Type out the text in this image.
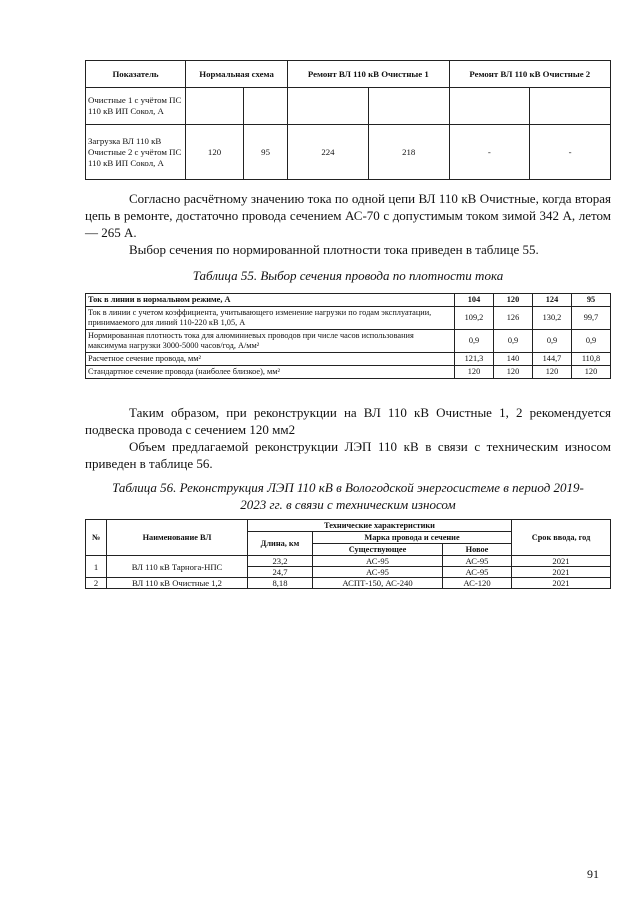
Показатель	Нормальная схема		Ремонт ВЛ 110 кВ Очистные 1		Ремонт ВЛ 110 кВ Очистные 2	
Очистные 1 с учётом ПС 110 кВ ИП Сокол, А						
Загрузка ВЛ 110 кВ Очистные 2 с учётом ПС 110 кВ ИП Сокол, А	120	95	224	218	-	-

Согласно расчётному значению тока по одной цепи ВЛ 110 кВ Очистные, когда вторая цепь в ремонте, достаточно провода сечением АС-70 с допустимым током зимой 342 А, летом — 265 А.

Выбор сечения по нормированной плотности тока приведен в таблице 55.

Таблица 55. Выбор сечения провода по плотности тока

Ток в линии в нормальном режиме, А	104	120	124	95
Ток в линии с учетом коэффициента, учитывающего изменение нагрузки по годам эксплуатации, принимаемого для линий 110-220 кВ 1,05, А	109,2	126	130,2	99,7
Нормированная плотность тока для алюминиевых проводов при числе часов использования максимума нагрузки 3000-5000 часов/год, А/мм²	0,9	0,9	0,9	0,9
Расчетное сечение провода, мм²	121,3	140	144,7	110,8
Стандартное сечение провода (наиболее близкое), мм²	120	120	120	120

Таким образом, при реконструкции на ВЛ 110 кВ Очистные 1, 2 рекомендуется подвеска провода с сечением 120 мм2

Объем предлагаемой реконструкции ЛЭП 110 кВ в связи с техническим износом приведен в таблице 56.

Таблица 56. Реконструкция ЛЭП 110 кВ в Вологодской энергосистеме в период 2019-2023 гг. в связи с техническим износом

№	Наименование ВЛ	Технические характеристики			Срок ввода, год
		Длина, км	Марка провода и сечение		
			Существующее	Новое	
1	ВЛ 110 кВ Тарнога-НПС	23,2	АС-95	АС-95	2021
		24,7	АС-95	АС-95	2021
2	ВЛ 110 кВ Очистные 1,2	8,18	АСПТ-150, АС-240	АС-120	2021
91
